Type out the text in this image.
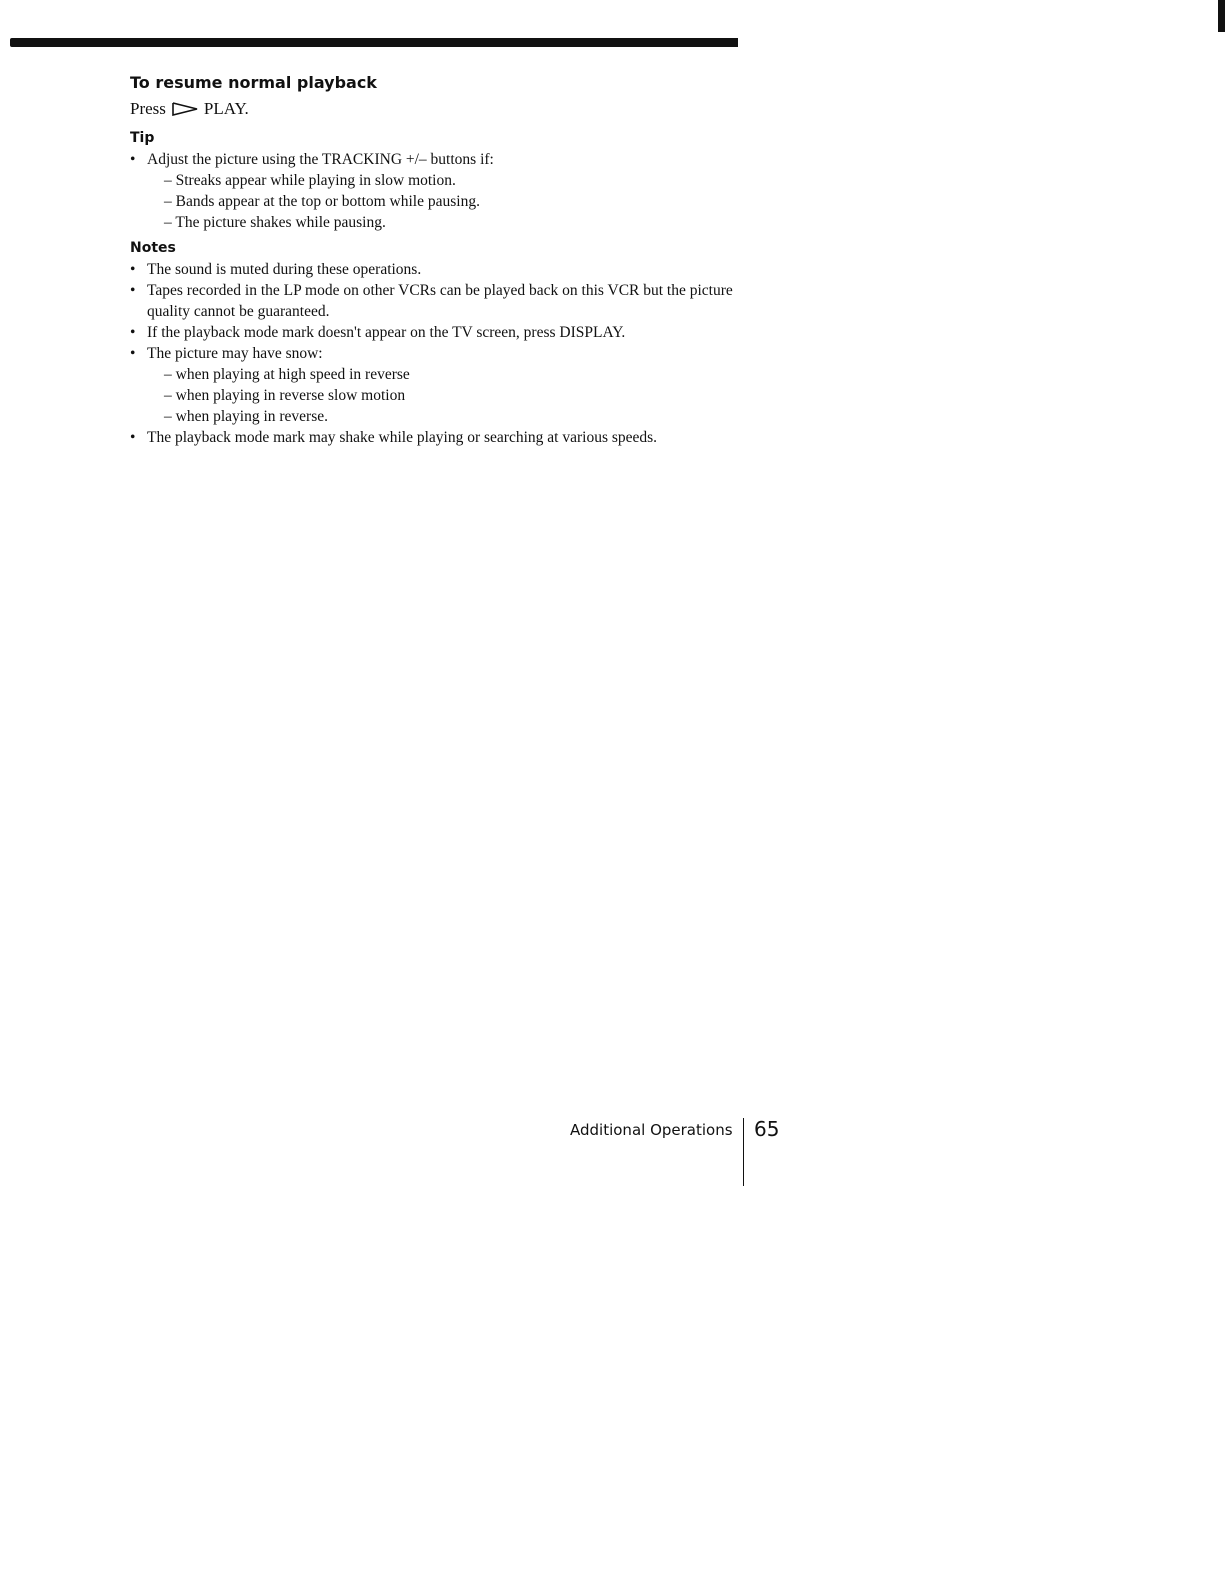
To resume normal playback
Press PLAY.
Tip
• Adjust the picture using the TRACKING +/– buttons if:
– Streaks appear while playing in slow motion.
– Bands appear at the top or bottom while pausing.
– The picture shakes while pausing.
Notes
• The sound is muted during these operations.
• Tapes recorded in the LP mode on other VCRs can be played back on this VCR but the picture quality cannot be guaranteed.
• If the playback mode mark doesn't appear on the TV screen, press DISPLAY.
• The picture may have snow:
– when playing at high speed in reverse
– when playing in reverse slow motion
– when playing in reverse.
• The playback mode mark may shake while playing or searching at various speeds.
Additional Operations	65
